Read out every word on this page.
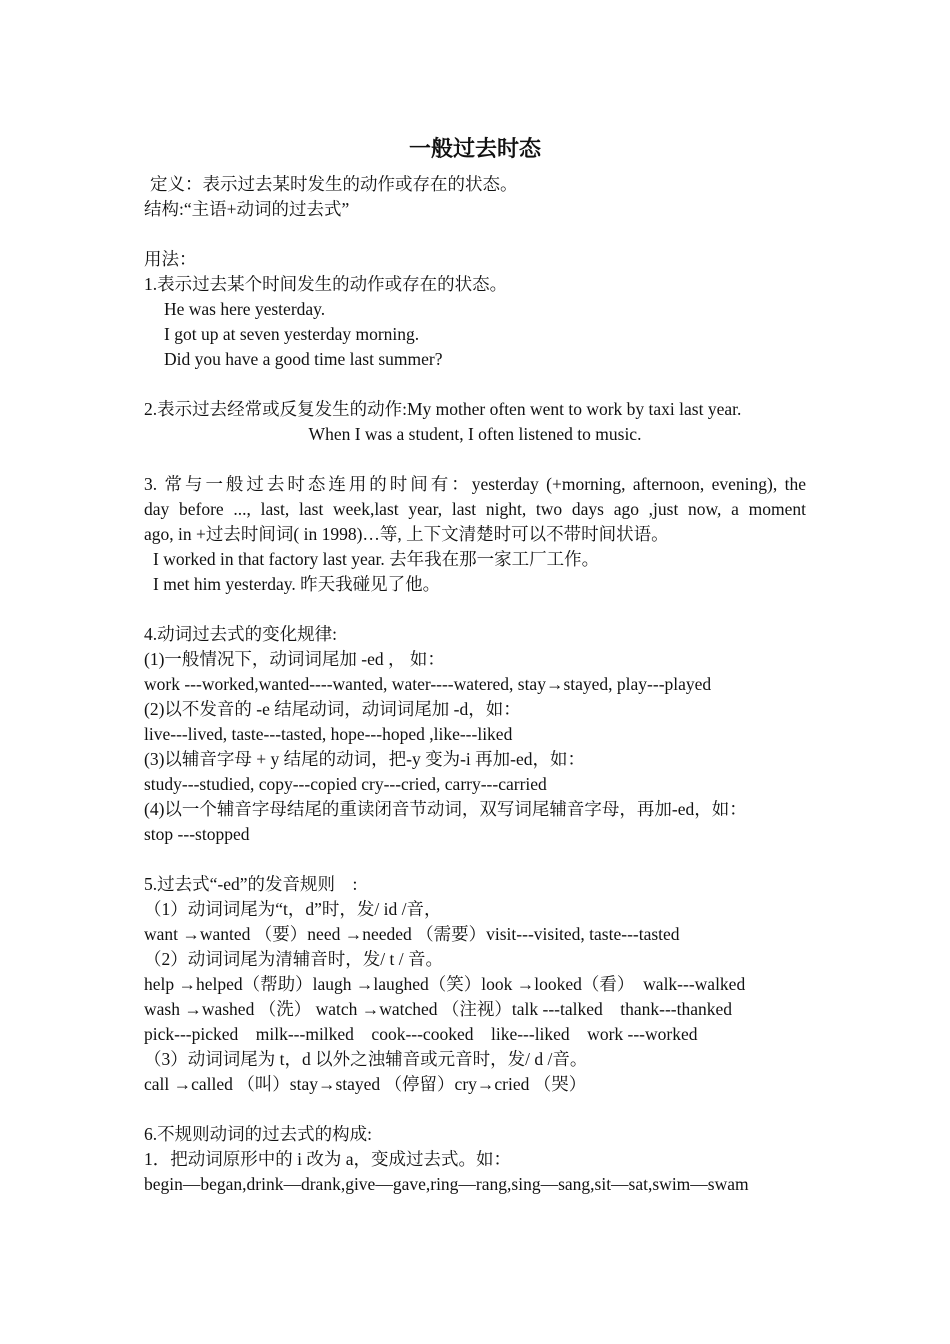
一般过去时态
定义：表示过去某时发生的动作或存在的状态。
结构:“主语+动词的过去式”
用法：
1.表示过去某个时间发生的动作或存在的状态。
He was here yesterday.
I got up at seven yesterday morning.
Did you have a good time last summer?
2.表示过去经常或反复发生的动作:My mother often went to work by taxi last year.
When I was a student, I often listened to music.
3. 常与一般过去时态连用的时间有：yesterday (+morning, afternoon, evening), the
day before ..., last, last week,last year, last night, two days ago ,just now, a moment
ago, in +过去时间词( in 1998)…等, 上下文清楚时可以不带时间状语。
I worked in that factory last year. 去年我在那一家工厂工作。
I met him yesterday. 昨天我碰见了他。
4.动词过去式的变化规律:
(1)一般情况下，动词词尾加 -ed ， 如：
work ---worked,wanted----wanted, water----watered, stay→stayed, play---played
(2)以不发音的 -e 结尾动词，动词词尾加 -d，如：
live---lived, taste---tasted, hope---hoped ,like---liked
(3)以辅音字母 + y 结尾的动词，把-y 变为-i 再加-ed，如：
study---studied, copy---copied cry---cried, carry---carried
(4)以一个辅音字母结尾的重读闭音节动词，双写词尾辅音字母，再加-ed，如：
stop ---stopped
5.过去式“-ed”的发音规则　:
（1）动词词尾为“t，d”时，发/ id /音，
want →wanted （要）need →needed （需要）visit---visited, taste---tasted
（2）动词词尾为清辅音时，发/ t / 音。
help →helped（帮助）laugh →laughed（笑）look →looked（看）　walk---walked
wash →washed （洗） watch →watched （注视）talk ---talked　thank---thanked
pick---picked　milk---milked　cook---cooked　like---liked　work ---worked
（3）动词词尾为 t，d 以外之浊辅音或元音时，发/ d /音。
call →called （叫）stay→stayed （停留）cry→cried （哭）
6.不规则动词的过去式的构成:
1．把动词原形中的 i 改为 a，变成过去式。如：
begin—began,drink—drank,give—gave,ring—rang,sing—sang,sit—sat,swim—swam
